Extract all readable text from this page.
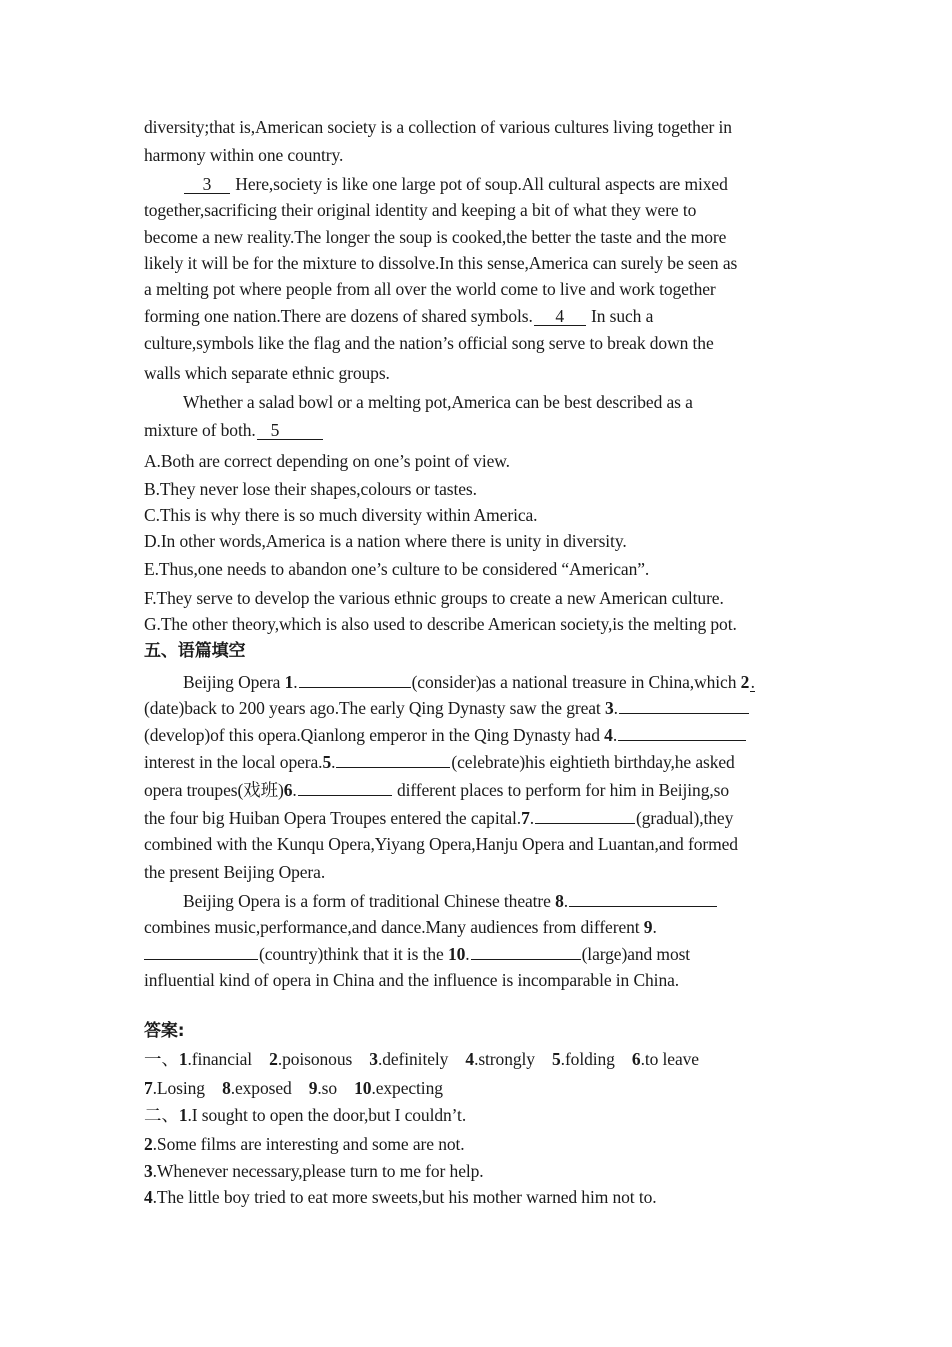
diversity;that is,American society is a collection of various cultures living together in
harmony within one country.
3 Here,society is like one large pot of soup.All cultural aspects are mixed
together,sacrificing their original identity and keeping a bit of what they were to
become a new reality.The longer the soup is cooked,the better the taste and the more
likely it will be for the mixture to dissolve.In this sense,America can surely be seen as
a melting pot where people from all over the world come to live and work together
forming one nation.There are dozens of shared symbols. 4 In such a
culture,symbols like the flag and the nation’s official song serve to break down the
walls which separate ethnic groups.
Whether a salad bowl or a melting pot,America can be best described as a
mixture of both. 5
A.Both are correct depending on one’s point of view.
B.They never lose their shapes,colours or tastes.
C.This is why there is so much diversity within America.
D.In other words,America is a nation where there is unity in diversity.
E.Thus,one needs to abandon one’s culture to be considered “American”.
F.They serve to develop the various ethnic groups to create a new American culture.
G.The other theory,which is also used to describe American society,is the melting pot.
五、语篇填空
Beijing Opera 1.	(consider)as a national treasure in China,which 2.
(date)back to 200 years ago.The early Qing Dynasty saw the great 3.
(develop)of this opera.Qianlong emperor in the Qing Dynasty had 4.
interest in the local opera.5.	(celebrate)his eightieth birthday,he asked
opera troupes(戏班)6.	different places to perform for him in Beijing,so
the four big Huiban Opera Troupes entered the capital.7.	(gradual),they
combined with the Kunqu Opera,Yiyang Opera,Hanju Opera and Luantan,and formed
the present Beijing Opera.
Beijing Opera is a form of traditional Chinese theatre 8.
combines music,performance,and dance.Many audiences from different 9.
(country)think that it is the 10.	(large)and most
influential kind of opera in China and the influence is incomparable in China.
答案:
一、1.financial 2.poisonous 3.definitely 4.strongly 5.folding 6.to leave
7.Losing 8.exposed 9.so 10.expecting
二、1.I sought to open the door,but I couldn’t.
2.Some films are interesting and some are not.
3.Whenever necessary,please turn to me for help.
4.The little boy tried to eat more sweets,but his mother warned him not to.
